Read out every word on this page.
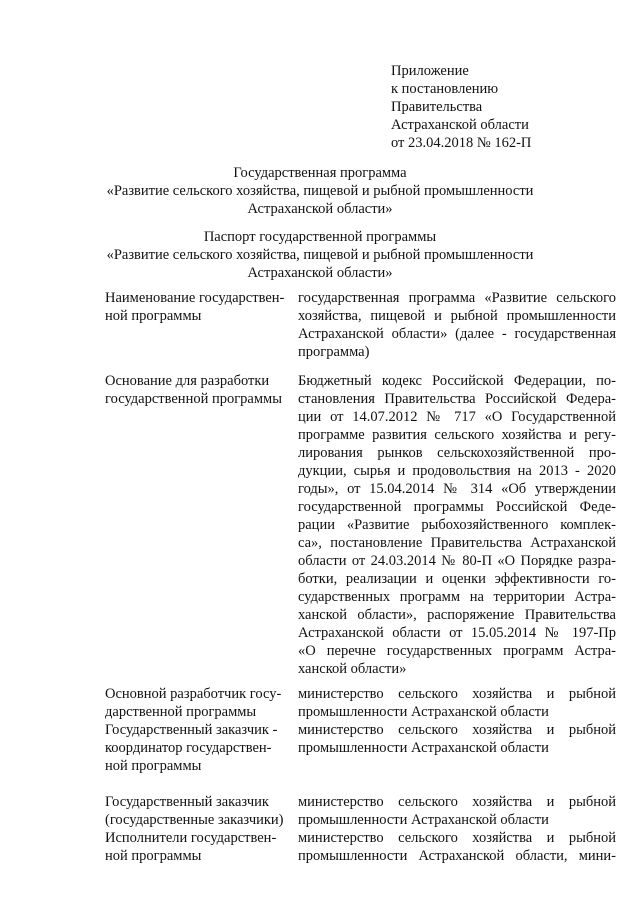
Приложение
к постановлению
Правительства
Астраханской области
от 23.04.2018 № 162-П
Государственная программа
«Развитие сельского хозяйства, пищевой и рыбной промышленности
Астраханской области»
Паспорт государственной программы
«Развитие сельского хозяйства, пищевой и рыбной промышленности
Астраханской области»
Наименование государствен-
ной программы
государственная программа «Развитие сельского
хозяйства, пищевой и рыбной промышленности
Астраханской области» (далее - государственная
программа)
Основание для разработки
государственной программы
Бюджетный кодекс Российской Федерации, по-
становления Правительства Российской Федера-
ции от 14.07.2012 № 717 «О Государственной
программе развития сельского хозяйства и регу-
лирования рынков сельскохозяйственной про-
дукции, сырья и продовольствия на 2013 - 2020
годы», от 15.04.2014 № 314 «Об утверждении
государственной программы Российской Феде-
рации «Развитие рыбохозяйственного комплек-
са», постановление Правительства Астраханской
области от 24.03.2014 № 80-П «О Порядке разра-
ботки, реализации и оценки эффективности го-
сударственных программ на территории Астра-
ханской области», распоряжение Правительства
Астраханской области от 15.05.2014 № 197-Пр
«О перечне государственных программ Астра-
ханской области»
Основной разработчик госу-
дарственной программы
министерство сельского хозяйства и рыбной
промышленности Астраханской области
Государственный заказчик -
координатор государствен-
ной программы
министерство сельского хозяйства и рыбной
промышленности Астраханской области
Государственный заказчик
(государственные заказчики)
министерство сельского хозяйства и рыбной
промышленности Астраханской области
Исполнители государствен-
ной программы
министерство сельского хозяйства и рыбной
промышленности Астраханской области, мини-
